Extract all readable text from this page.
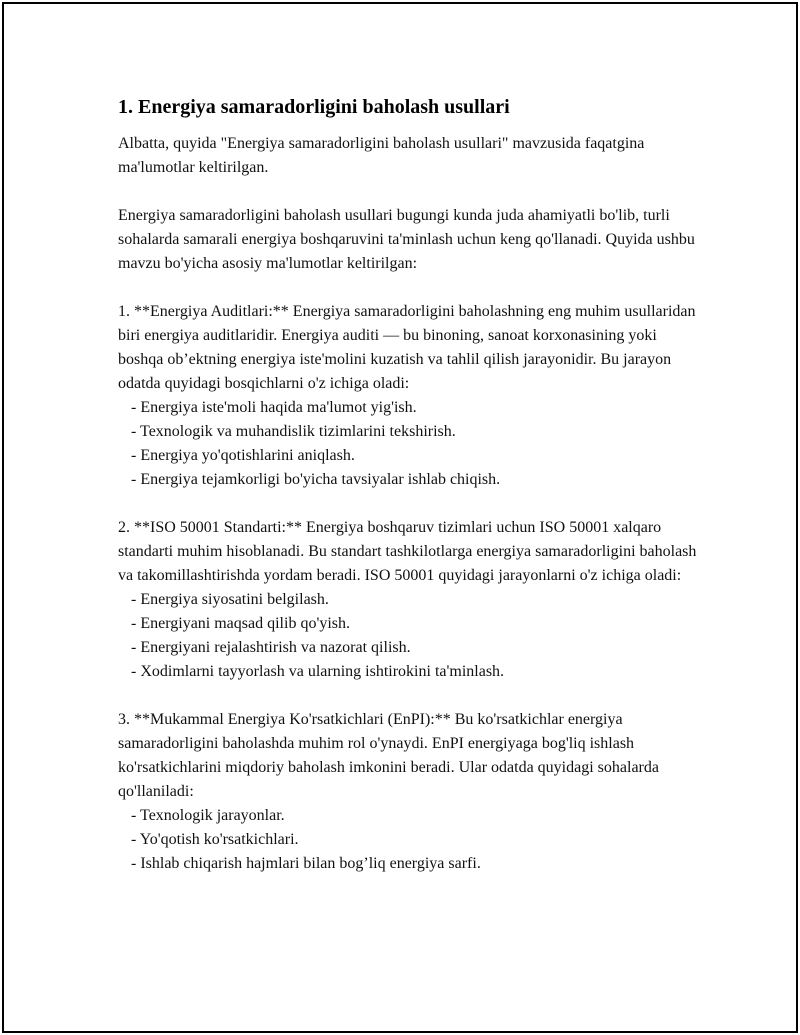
1. Energiya samaradorligini baholash usullari

Albatta, quyida "Energiya samaradorligini baholash usullari" mavzusida faqatgina ma'lumotlar keltirilgan.

Energiya samaradorligini baholash usullari bugungi kunda juda ahamiyatli bo'lib, turli sohalarda samarali energiya boshqaruvini ta'minlash uchun keng qo'llanadi. Quyida ushbu mavzu bo'yicha asosiy ma'lumotlar keltirilgan:

1. **Energiya Auditlari:** Energiya samaradorligini baholashning eng muhim usullaridan biri energiya auditlaridir. Energiya auditi — bu binoning, sanoat korxonasining yoki boshqa ob’ektning energiya iste'molini kuzatish va tahlil qilish jarayonidir. Bu jarayon odatda quyidagi bosqichlarni o'z ichiga oladi:

- Energiya iste'moli haqida ma'lumot yig'ish.
- Texnologik va muhandislik tizimlarini tekshirish.
- Energiya yo'qotishlarini aniqlash.
- Energiya tejamkorligi bo'yicha tavsiyalar ishlab chiqish.

2. **ISO 50001 Standarti:** Energiya boshqaruv tizimlari uchun ISO 50001 xalqaro standarti muhim hisoblanadi. Bu standart tashkilotlarga energiya samaradorligini baholash va takomillashtirishda yordam beradi. ISO 50001 quyidagi jarayonlarni o'z ichiga oladi:

- Energiya siyosatini belgilash.
- Energiyani maqsad qilib qo'yish.
- Energiyani rejalashtirish va nazorat qilish.
- Xodimlarni tayyorlash va ularning ishtirokini ta'minlash.

3. **Mukammal Energiya Ko'rsatkichlari (EnPI):** Bu ko'rsatkichlar energiya samaradorligini baholashda muhim rol o'ynaydi. EnPI energiyaga bog'liq ishlash ko'rsatkichlarini miqdoriy baholash imkonini beradi. Ular odatda quyidagi sohalarda qo'llaniladi:

- Texnologik jarayonlar.
- Yo'qotish ko'rsatkichlari.
- Ishlab chiqarish hajmlari bilan bog’liq energiya sarfi.
